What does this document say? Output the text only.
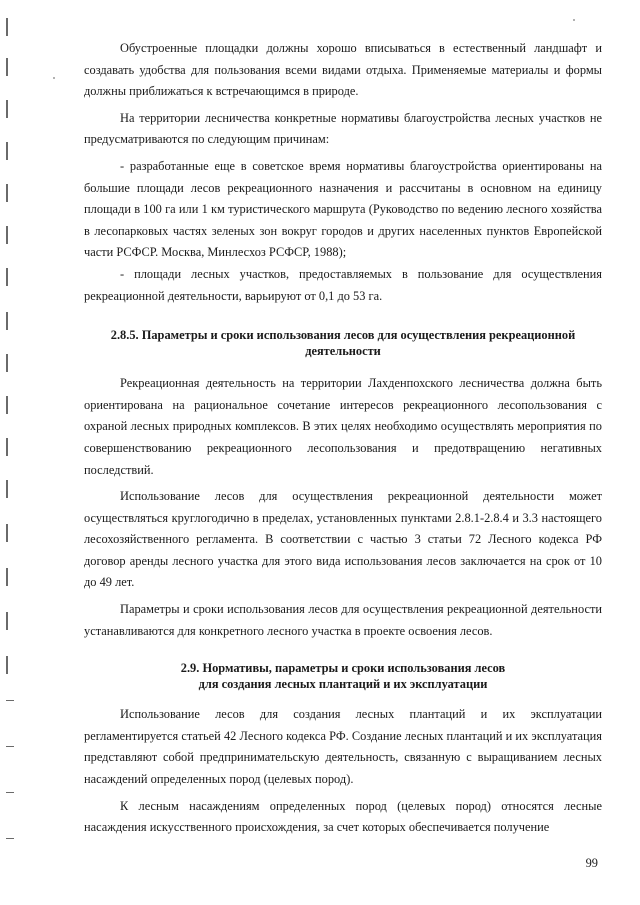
Обустроенные площадки должны хорошо вписываться в естественный ландшафт и создавать удобства для пользования всеми видами отдыха. Применяемые материалы и формы должны приближаться к встречающимся в природе.

На территории лесничества конкретные нормативы благоустройства лесных участков не предусматриваются по следующим причинам:

- разработанные еще в советское время нормативы благоустройства ориентированы на большие площади лесов рекреационного назначения и рассчитаны в основном на единицу площади в 100 га или 1 км туристического маршрута (Руководство по ведению лесного хозяйства в лесопарковых частях зеленых зон вокруг городов и других населенных пунктов Европейской части РСФСР. Москва, Минлесхоз РСФСР, 1988);

- площади лесных участков, предоставляемых в пользование для осуществления рекреационной деятельности, варьируют от 0,1 до 53 га.

2.8.5. Параметры и сроки использования лесов для осуществления рекреационной деятельности

Рекреационная деятельность на территории Лахденпохского лесничества должна быть ориентирована на рациональное сочетание интересов рекреационного лесопользования с охраной лесных природных комплексов. В этих целях необходимо осуществлять мероприятия по совершенствованию рекреационного лесопользования и предотвращению негативных последствий.

Использование лесов для осуществления рекреационной деятельности может осуществляться круглогодично в пределах, установленных пунктами 2.8.1-2.8.4 и 3.3 настоящего лесохозяйственного регламента. В соответствии с частью 3 статьи 72 Лесного кодекса РФ договор аренды лесного участка для этого вида использования лесов заключается на срок от 10 до 49 лет.

Параметры и сроки использования лесов для осуществления рекреационной деятельности устанавливаются для конкретного лесного участка в проекте освоения лесов.

2.9. Нормативы, параметры и сроки использования лесов
для создания лесных плантаций и их эксплуатации

Использование лесов для создания лесных плантаций и их эксплуатации регламентируется статьей 42 Лесного кодекса РФ. Создание лесных плантаций и их эксплуатация представляют собой предпринимательскую деятельность, связанную с выращиванием лесных насаждений определенных пород (целевых пород).

К лесным насаждениям определенных пород (целевых пород) относятся лесные насаждения искусственного происхождения, за счет которых обеспечивается получение

99
